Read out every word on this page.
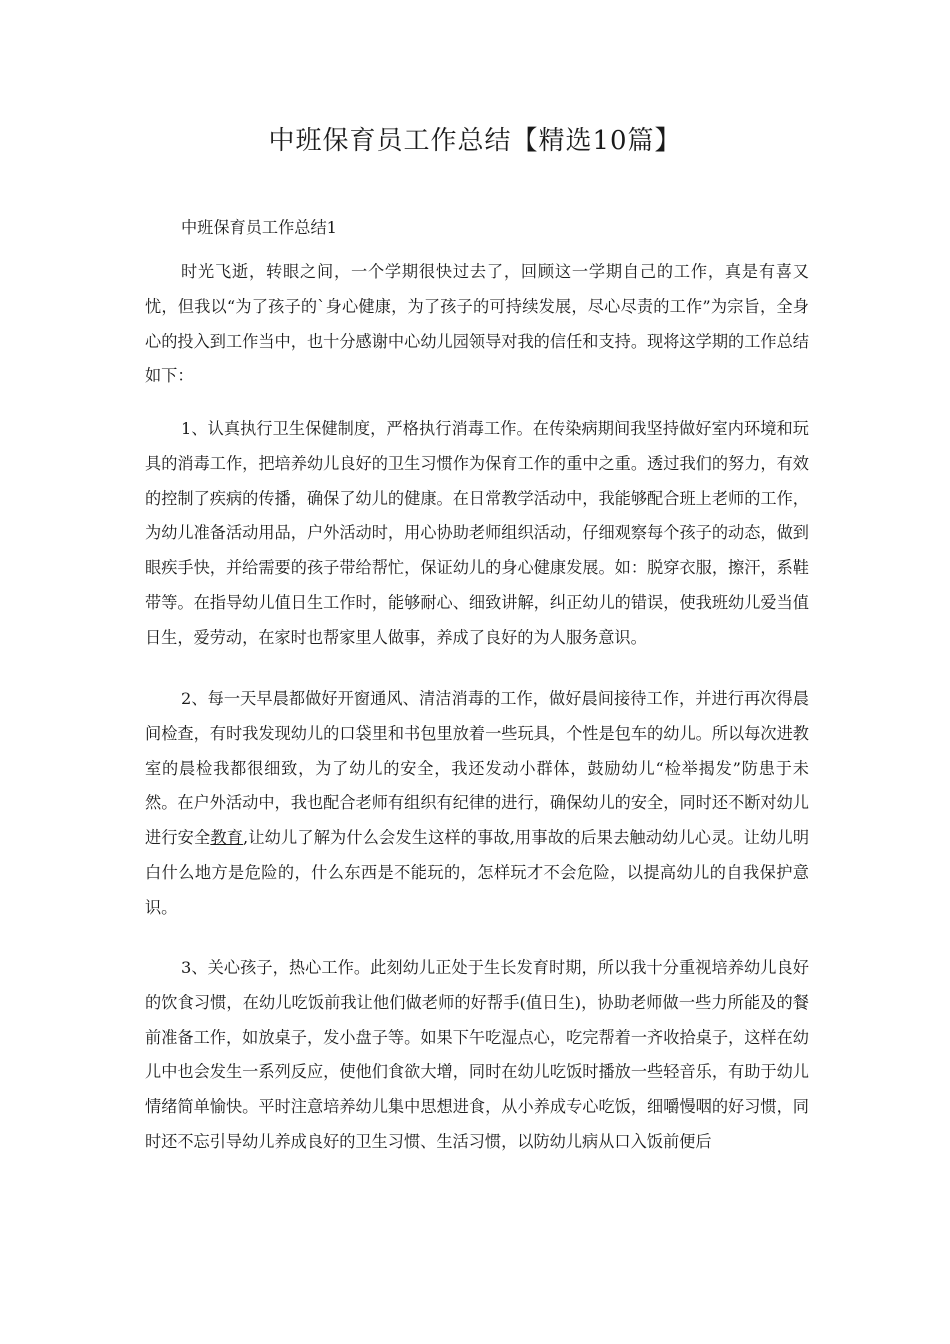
中班保育员工作总结【精选10篇】
中班保育员工作总结1

时光飞逝，转眼之间，一个学期很快过去了，回顾这一学期自己的工作，真是有喜又忧，但我以“为了孩子的`身心健康，为了孩子的可持续发展，尽心尽责的工作”为宗旨，全身心的投入到工作当中，也十分感谢中心幼儿园领导对我的信任和支持。现将这学期的工作总结如下：

1、认真执行卫生保健制度，严格执行消毒工作。在传染病期间我坚持做好室内环境和玩具的消毒工作，把培养幼儿良好的卫生习惯作为保育工作的重中之重。透过我们的努力，有效的控制了疾病的传播，确保了幼儿的健康。在日常教学活动中，我能够配合班上老师的工作，为幼儿准备活动用品，户外活动时，用心协助老师组织活动，仔细观察每个孩子的动态，做到眼疾手快，并给需要的孩子带给帮忙，保证幼儿的身心健康发展。如：脱穿衣服，擦汗，系鞋带等。在指导幼儿值日生工作时，能够耐心、细致讲解，纠正幼儿的错误，使我班幼儿爱当值日生，爱劳动，在家时也帮家里人做事，养成了良好的为人服务意识。

2、每一天早晨都做好开窗通风、清洁消毒的工作，做好晨间接待工作，并进行再次得晨间检查，有时我发现幼儿的口袋里和书包里放着一些玩具，个性是包车的幼儿。所以每次进教室的晨检我都很细致，为了幼儿的安全，我还发动小群体，鼓励幼儿“检举揭发”防患于未然。在户外活动中，我也配合老师有组织有纪律的进行，确保幼儿的安全，同时还不断对幼儿进行安全教育,让幼儿了解为什么会发生这样的事故,用事故的后果去触动幼儿心灵。让幼儿明白什么地方是危险的，什么东西是不能玩的，怎样玩才不会危险，以提高幼儿的自我保护意识。

3、关心孩子，热心工作。此刻幼儿正处于生长发育时期，所以我十分重视培养幼儿良好的饮食习惯，在幼儿吃饭前我让他们做老师的好帮手(值日生)，协助老师做一些力所能及的餐前准备工作，如放桌子，发小盘子等。如果下午吃湿点心，吃完帮着一齐收拾桌子，这样在幼儿中也会发生一系列反应，使他们食欲大增，同时在幼儿吃饭时播放一些轻音乐，有助于幼儿情绪简单愉快。平时注意培养幼儿集中思想进食，从小养成专心吃饭，细嚼慢咽的好习惯，同时还不忘引导幼儿养成良好的卫生习惯、生活习惯，以防幼儿病从口入饭前便后
